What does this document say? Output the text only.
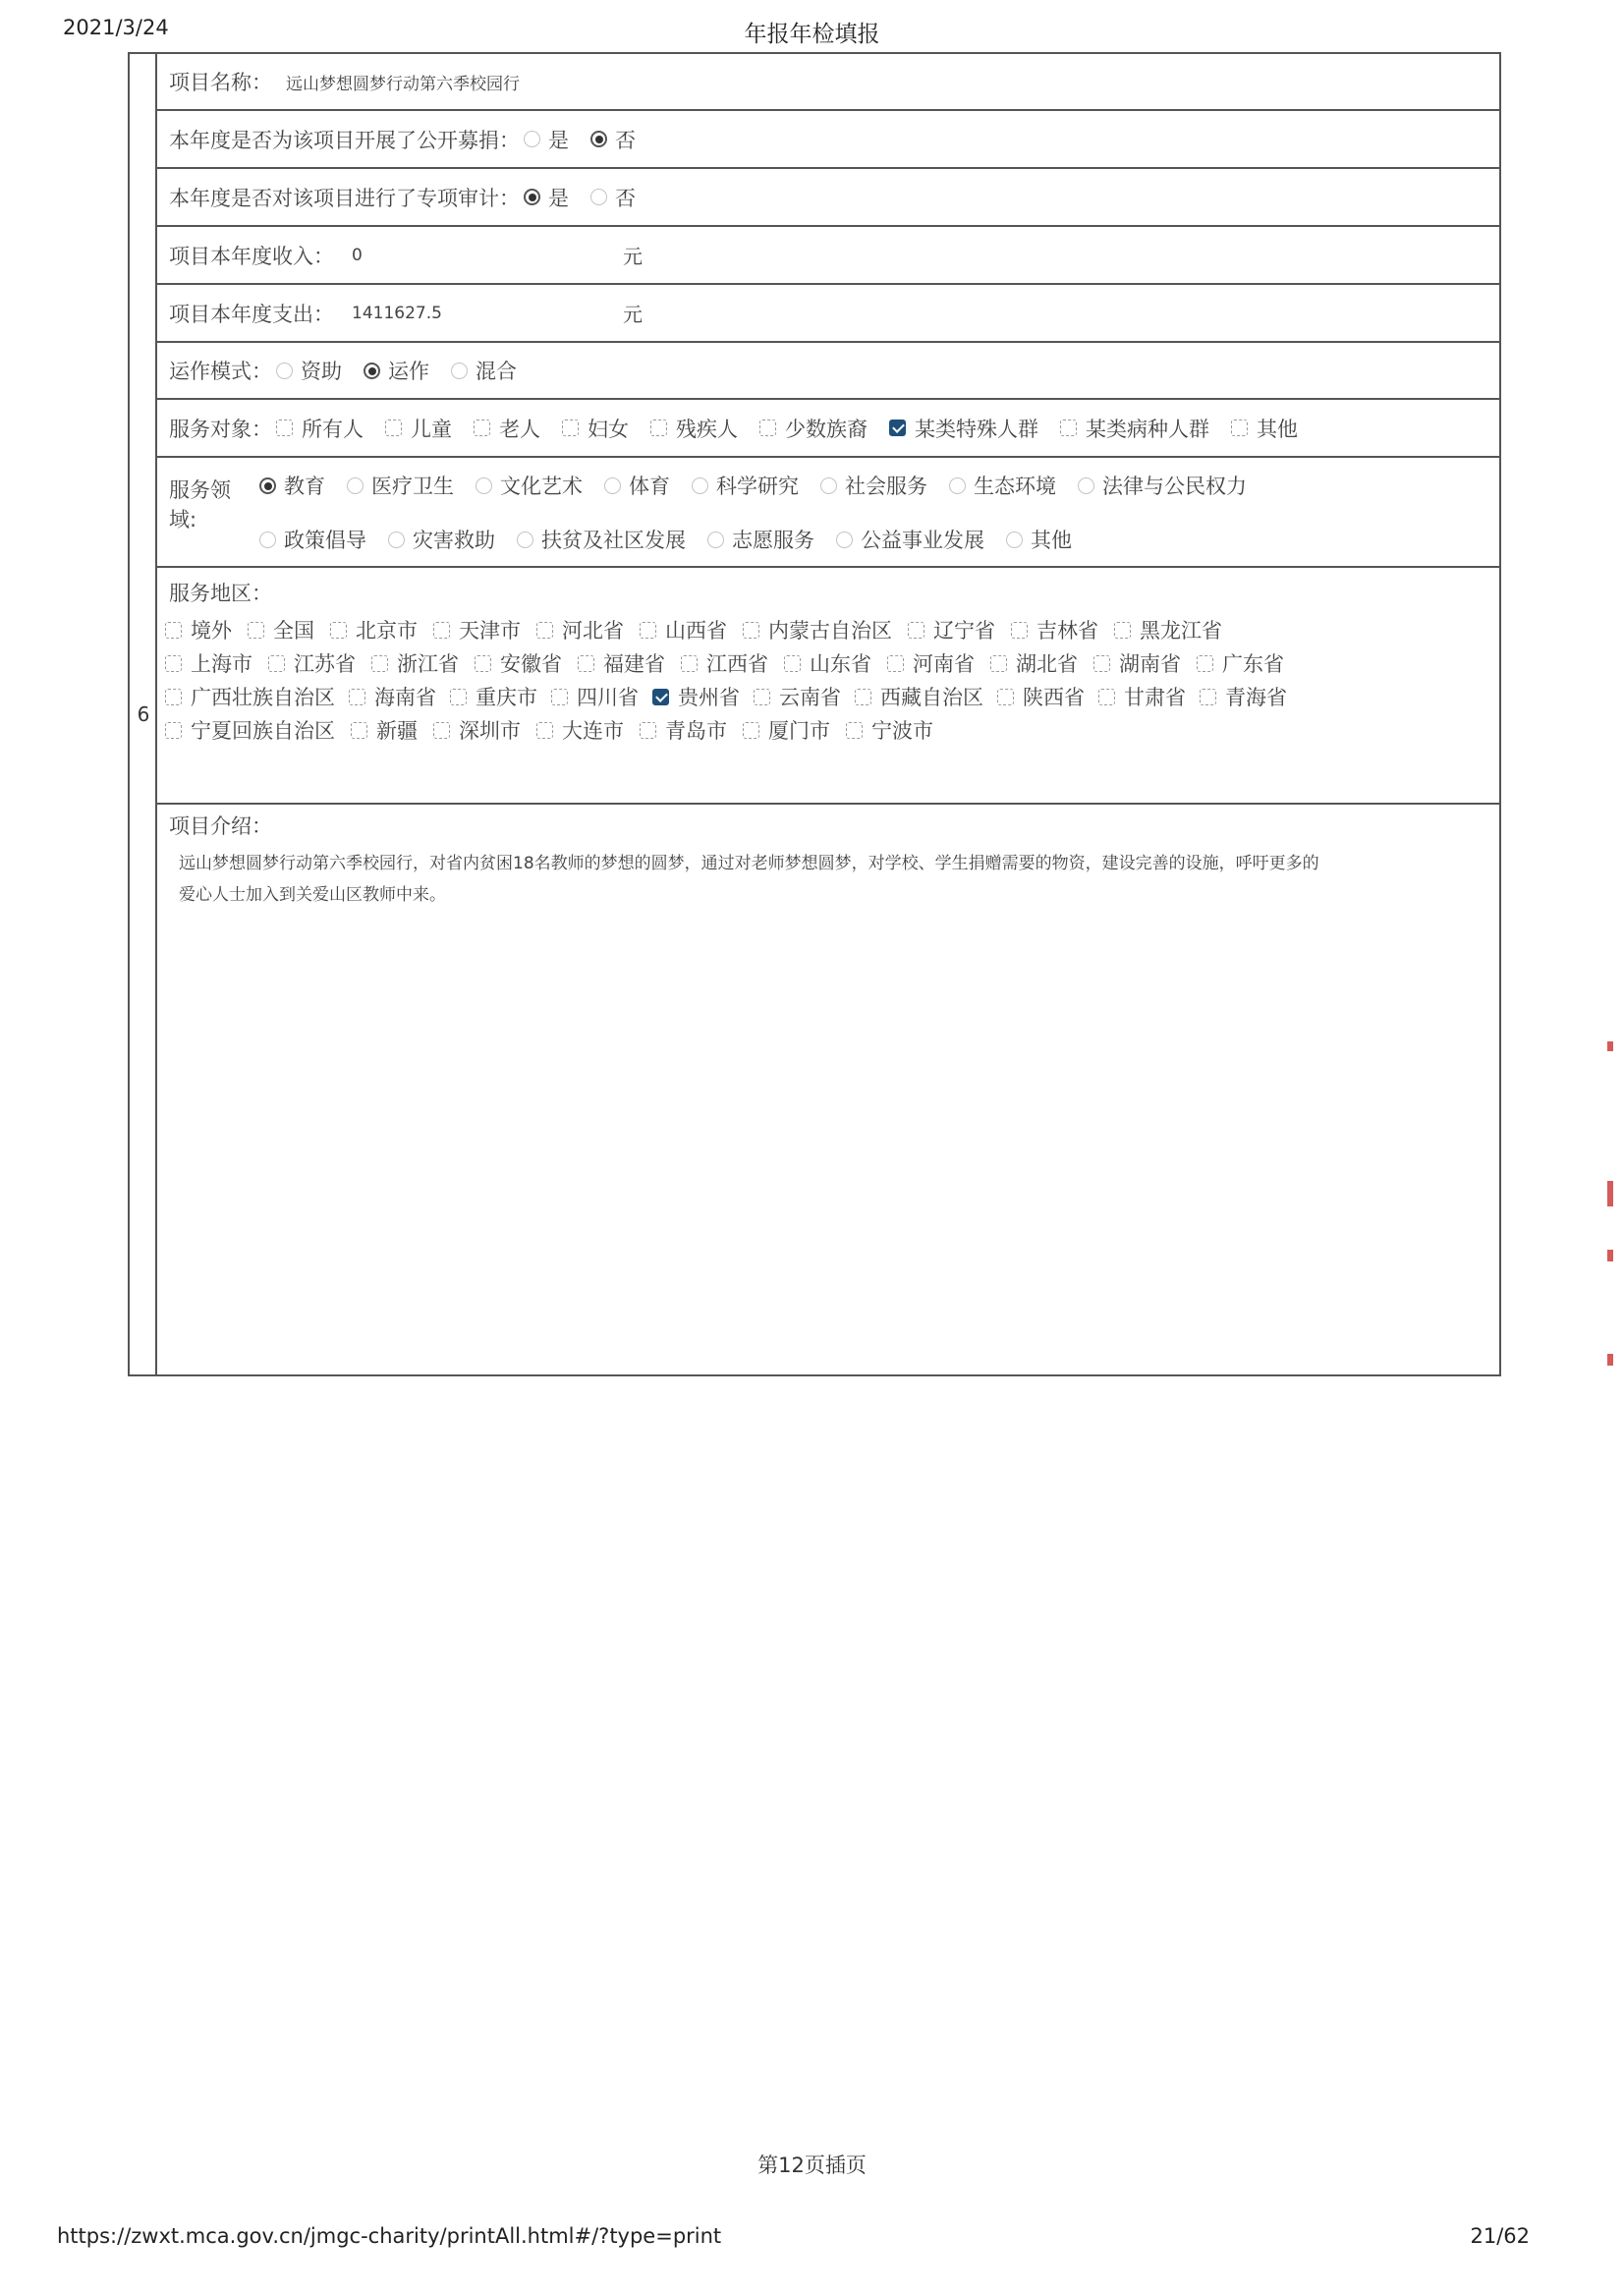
2021/3/24	年报年检填报
6
项目名称： 远山梦想圆梦行动第六季校园行
本年度是否为该项目开展了公开募捐： 是 否
本年度是否对该项目进行了专项审计： 是 否
项目本年度收入： 0	元
项目本年度支出： 1411627.5	元
运作模式： 资助 运作 混合
服务对象： 所有人 儿童 老人 妇女 残疾人 少数族裔 某类特殊人群 某类病种人群 其他
服务领
域:
教育 医疗卫生 文化艺术 体育 科学研究 社会服务 生态环境 法律与公民权力
政策倡导 灾害救助 扶贫及社区发展 志愿服务 公益事业发展 其他
服务地区：
境外 全国 北京市 天津市 河北省 山西省 内蒙古自治区 辽宁省 吉林省 黑龙江省
上海市 江苏省 浙江省 安徽省 福建省 江西省 山东省 河南省 湖北省 湖南省 广东省
广西壮族自治区 海南省 重庆市 四川省 贵州省 云南省 西藏自治区 陕西省 甘肃省 青海省
宁夏回族自治区 新疆 深圳市 大连市 青岛市 厦门市 宁波市
项目介绍：
远山梦想圆梦行动第六季校园行，对省内贫困18名教师的梦想的圆梦，通过对老师梦想圆梦，对学校、学生捐赠需要的物资，建设完善的设施，呼吁更多的
爱心人士加入到关爱山区教师中来。
第12页插页
https://zwxt.mca.gov.cn/jmgc-charity/printAll.html#/?type=print	21/62
